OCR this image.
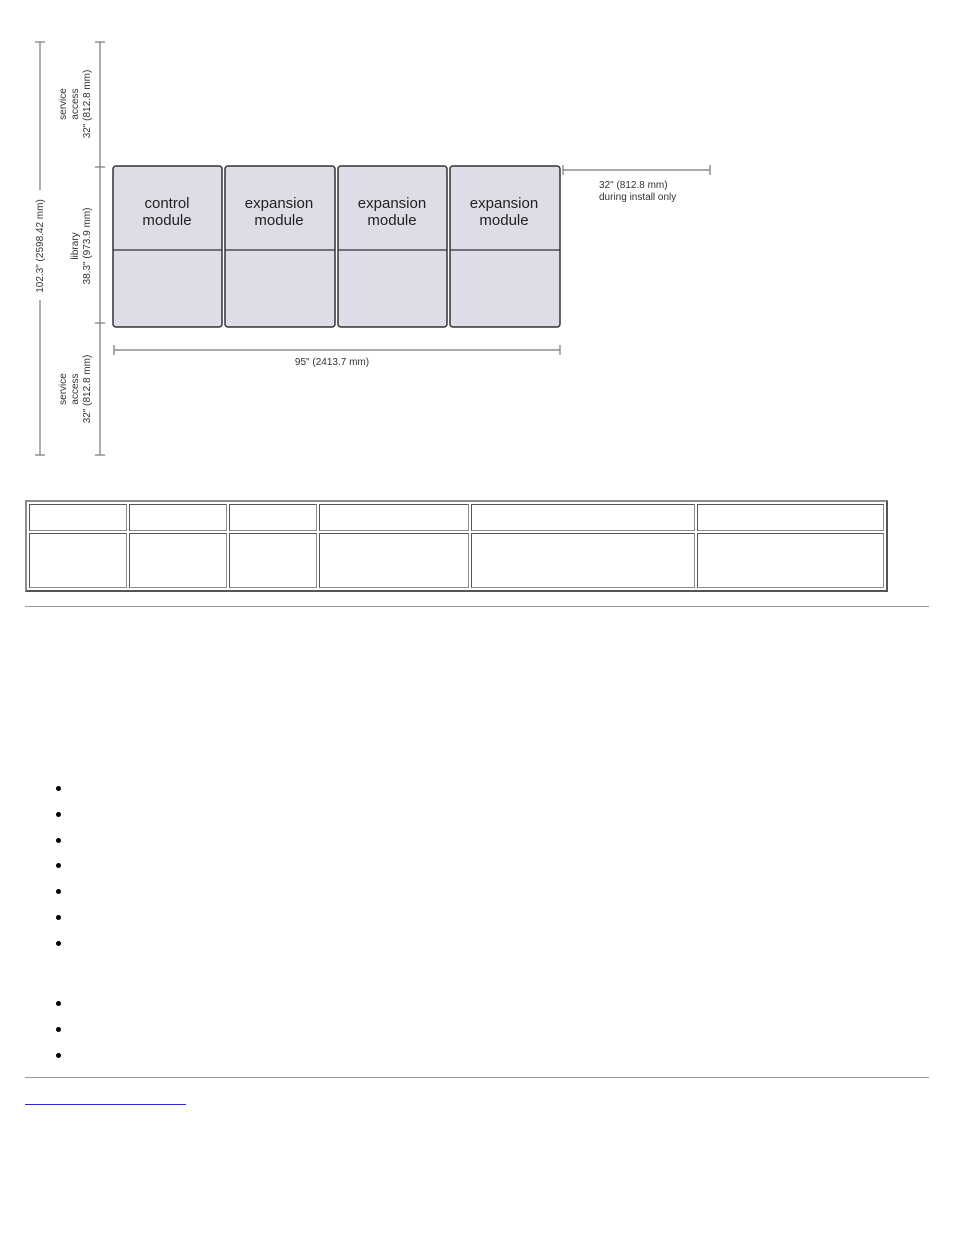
102.3" (2598.42 mm)
service access 32" (812.8 mm)
library 38.3" (973.9 mm)
service access 32" (812.8 mm)
control
module
expansion
module
expansion
module
expansion
module
32" (812.8 mm)
during install only
95" (2413.7 mm)
